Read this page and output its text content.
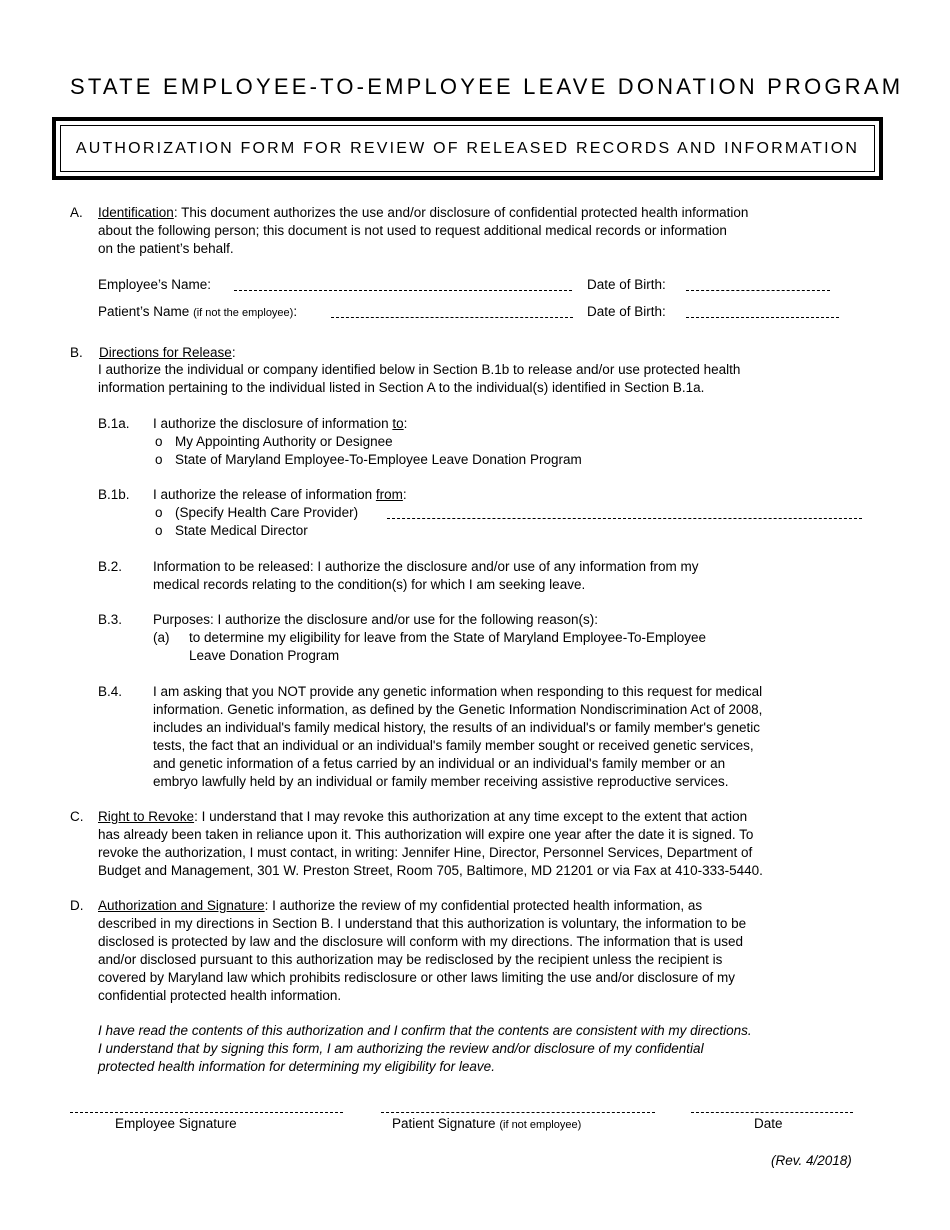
STATE EMPLOYEE-TO-EMPLOYEE LEAVE DONATION PROGRAM
AUTHORIZATION FORM FOR REVIEW OF RELEASED RECORDS AND INFORMATION
A. Identification: This document authorizes the use and/or disclosure of confidential protected health information
about the following person; this document is not used to request additional medical records or information
on the patient’s behalf.
Employee’s Name:	Date of Birth:
Patient’s Name (if not the employee):	Date of Birth:
B. Directions for Release:
I authorize the individual or company identified below in Section B.1b to release and/or use protected health
information pertaining to the individual listed in Section A to the individual(s) identified in Section B.1a.
B.1a. I authorize the disclosure of information to:
o My Appointing Authority or Designee
o State of Maryland Employee-To-Employee Leave Donation Program
B.1b. I authorize the release of information from:
o (Specify Health Care Provider)
o State Medical Director
B.2. Information to be released: I authorize the disclosure and/or use of any information from my
medical records relating to the condition(s) for which I am seeking leave.
B.3. Purposes: I authorize the disclosure and/or use for the following reason(s):
(a) to determine my eligibility for leave from the State of Maryland Employee-To-Employee
Leave Donation Program
B.4. I am asking that you NOT provide any genetic information when responding to this request for medical
information. Genetic information, as defined by the Genetic Information Nondiscrimination Act of 2008,
includes an individual's family medical history, the results of an individual's or family member's genetic
tests, the fact that an individual or an individual's family member sought or received genetic services,
and genetic information of a fetus carried by an individual or an individual's family member or an
embryo lawfully held by an individual or family member receiving assistive reproductive services.
C. Right to Revoke: I understand that I may revoke this authorization at any time except to the extent that action
has already been taken in reliance upon it. This authorization will expire one year after the date it is signed. To
revoke the authorization, I must contact, in writing: Jennifer Hine, Director, Personnel Services, Department of
Budget and Management, 301 W. Preston Street, Room 705, Baltimore, MD 21201 or via Fax at 410-333-5440.
D. Authorization and Signature: I authorize the review of my confidential protected health information, as
described in my directions in Section B. I understand that this authorization is voluntary, the information to be
disclosed is protected by law and the disclosure will conform with my directions. The information that is used
and/or disclosed pursuant to this authorization may be redisclosed by the recipient unless the recipient is
covered by Maryland law which prohibits redisclosure or other laws limiting the use and/or disclosure of my
confidential protected health information.
I have read the contents of this authorization and I confirm that the contents are consistent with my directions.
I understand that by signing this form, I am authorizing the review and/or disclosure of my confidential
protected health information for determining my eligibility for leave.
Employee Signature	Patient Signature (if not employee)	Date
(Rev. 4/2018)
